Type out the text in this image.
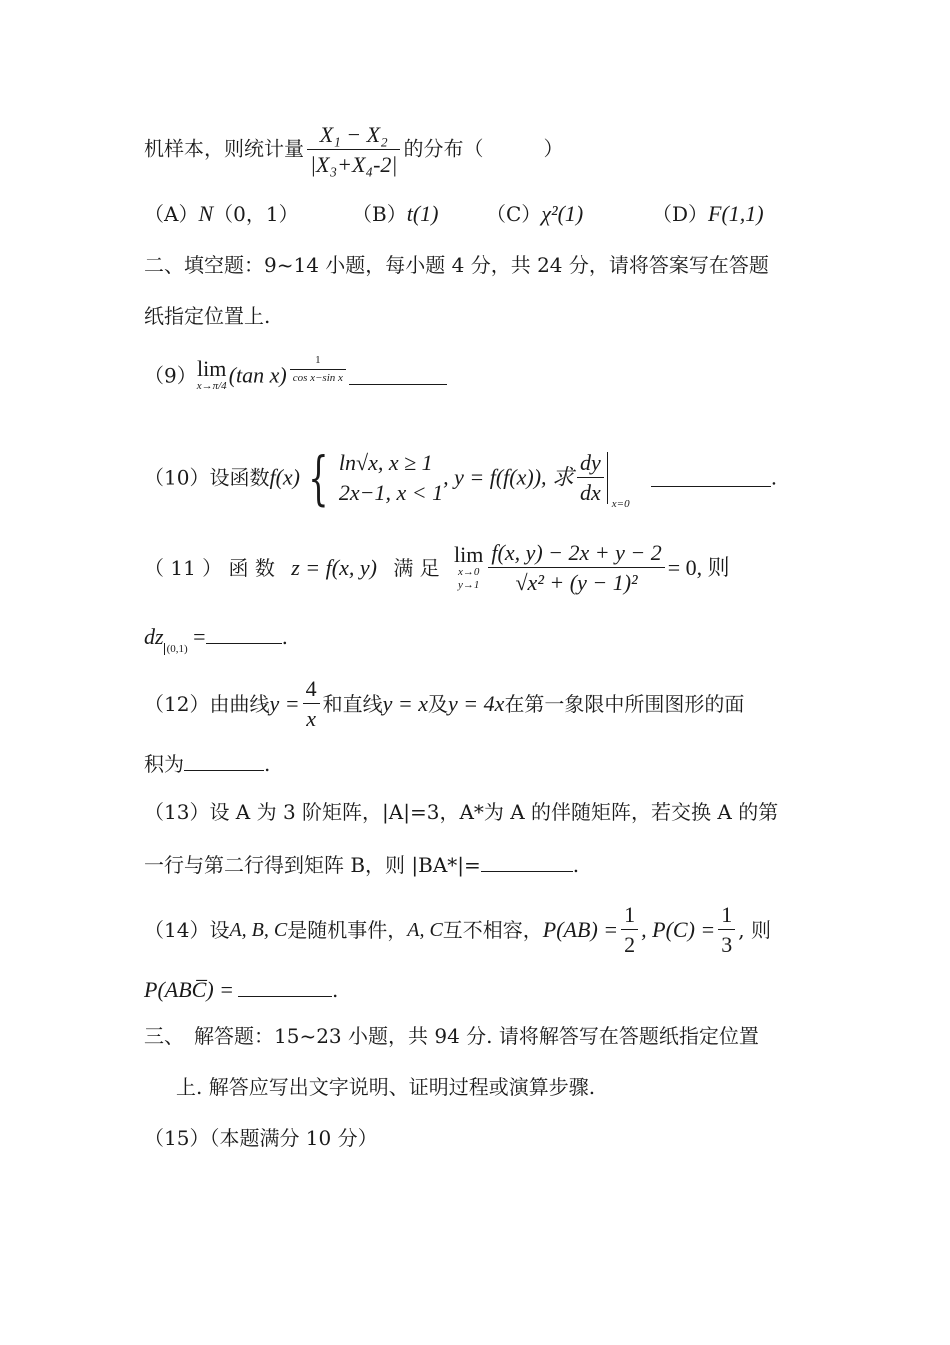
机样本，则统计量 $\frac{\text{X₁ − X₂}}{\text{|X₃+X₄-2|}}$ 的分布（　　　）
（A）N（0，1）	（B）t(1) （C）χ²(1)	（D）F(1,1)
二、填空题：9~14 小题，每小题 4 分，共 24 分，请将答案写在答题
纸指定位置上.
（9） lim
x→π/4 (tan $x) \frac{1}{\text{cos x−sin x}}$
（10）设函数f(x) { ln√x, x ≥ 1
2x−1, x < 1
, y = f(f(x)), 求 $\frac{dy}{dx} x=0$
.
（ 11 ） 函 数 z = f(x, y) 满 足
lim
x→0
$y\to 1 \frac{f(x, y) - 2x + y - 2}{\text{√x² + (y − 1)²}} = 0$, 则
dz $_{(0,1)}$ =	.
（12）由曲线$y = \frac{4}{x}$ 和直线y = x及y = 4x在第一象限中所围图形的面
积为	.
（13）设 A 为 3 阶矩阵，|A|=3，A*为 A 的伴随矩阵，若交换 A 的第
一行与第二行得到矩阵 B，则 |BA*|=	.
（14）设A, B, C是随机事件，A, C互不相容，$P(AB) = \frac{1}{2}$ , $P(C) = \frac{1}{3}$ , 则
P(ABC̅) =	.
三、　解答题：15~23 小题，共 94 分. 请将解答写在答题纸指定位置
上. 解答应写出文字说明、证明过程或演算步骤.
（15）（本题满分 10 分）
